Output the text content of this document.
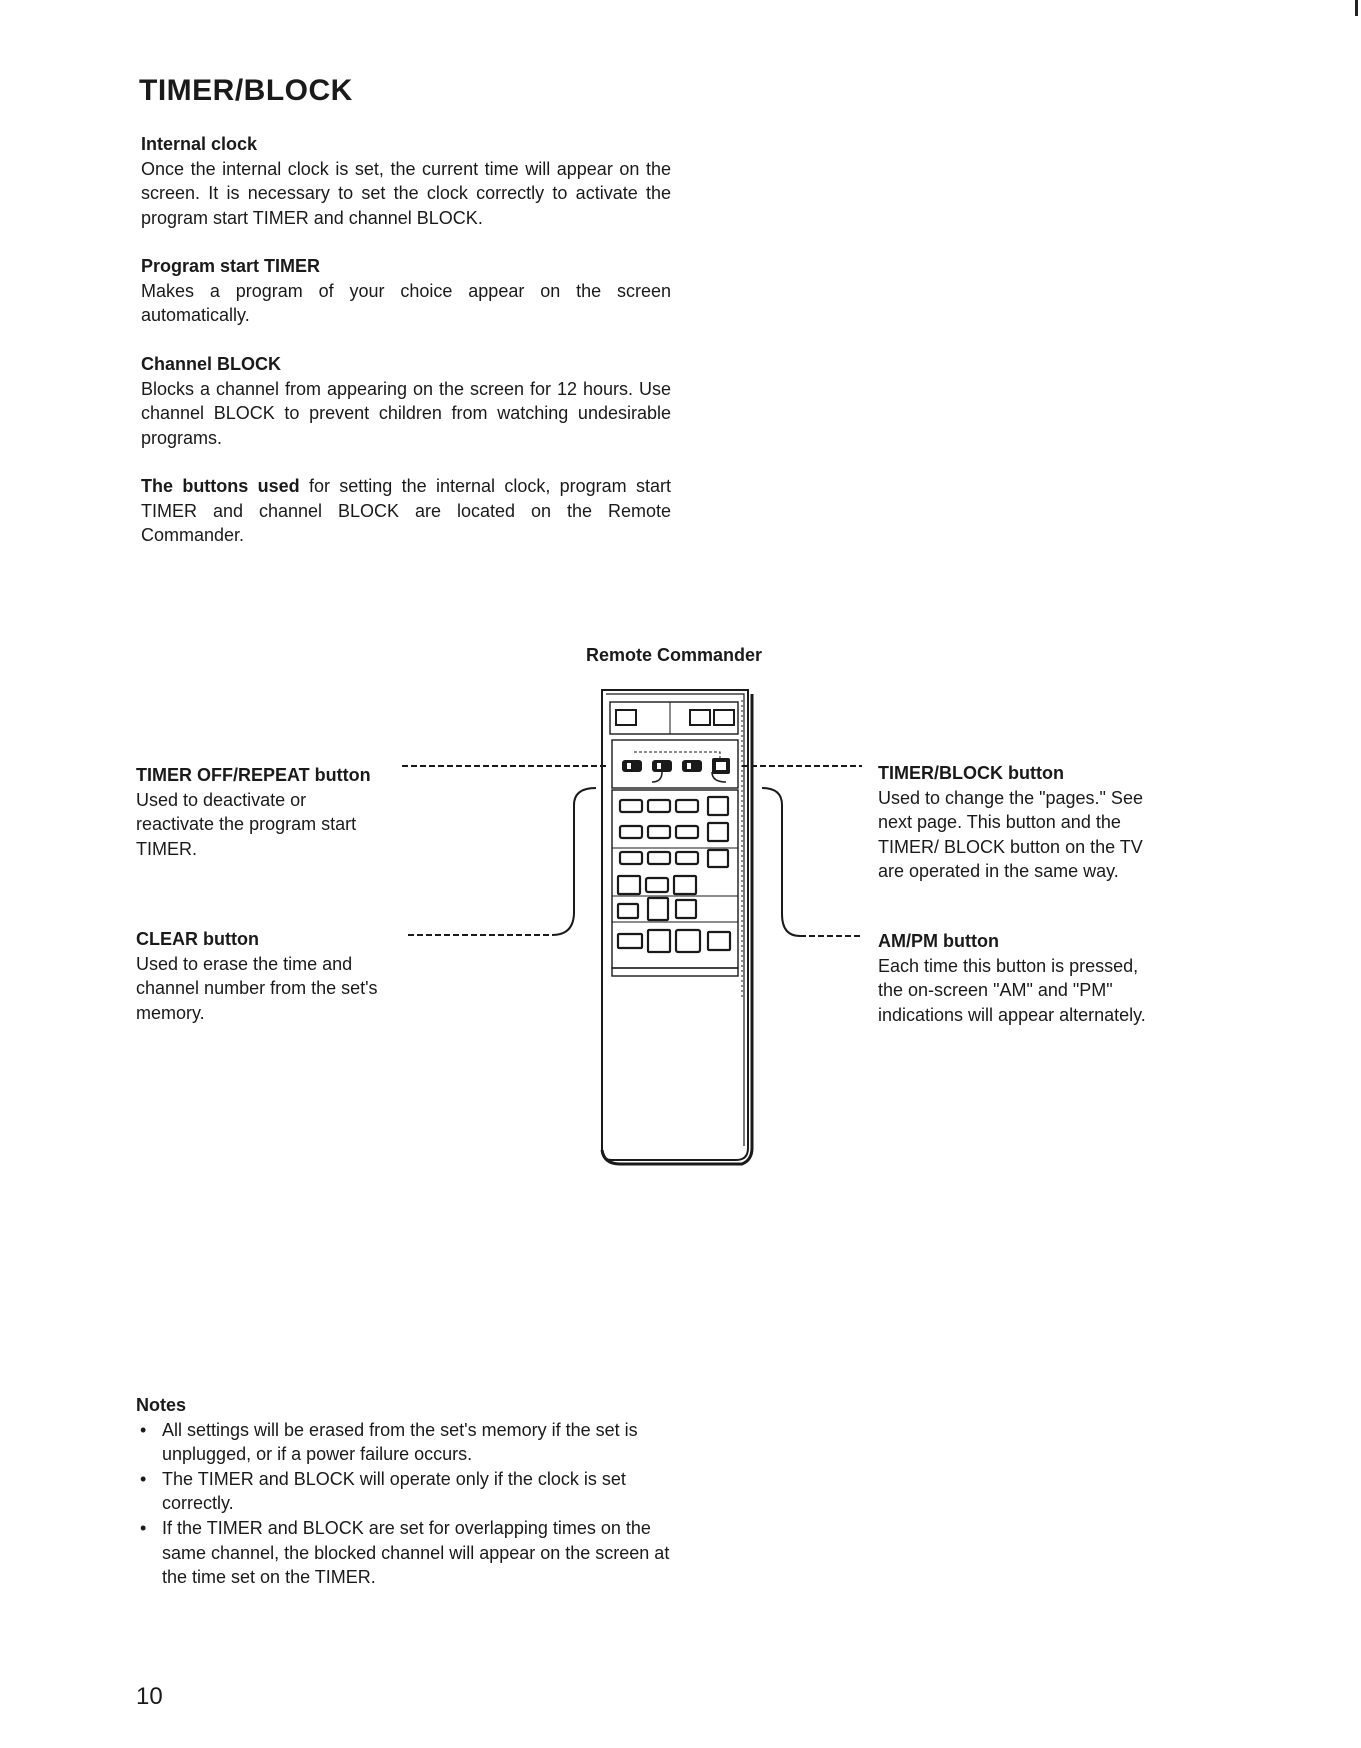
TIMER/BLOCK
Internal clock

Once the internal clock is set, the current time will appear on the screen. It is necessary to set the clock correctly to activate the program start TIMER and channel BLOCK.

Program start TIMER

Makes a program of your choice appear on the screen automatically.

Channel BLOCK

Blocks a channel from appearing on the screen for 12 hours. Use channel BLOCK to prevent children from watching undesirable programs.

The buttons used for setting the internal clock, program start TIMER and channel BLOCK are located on the Remote Commander.

Remote Commander
TIMER OFF/REPEAT button
Used to deactivate or reactivate the program start TIMER.
CLEAR button
Used to erase the time and channel number from the set's memory.
TIMER/BLOCK button
Used to change the "pages." See next page. This button and the TIMER/ BLOCK button on the TV are operated in the same way.
AM/PM button
Each time this button is pressed, the on-screen "AM" and "PM" indications will appear alternately.
Notes
• All settings will be erased from the set's memory if the set is unplugged, or if a power failure occurs.
• The TIMER and BLOCK will operate only if the clock is set correctly.
• If the TIMER and BLOCK are set for overlapping times on the same channel, the blocked channel will appear on the screen at the time set on the TIMER.
10
